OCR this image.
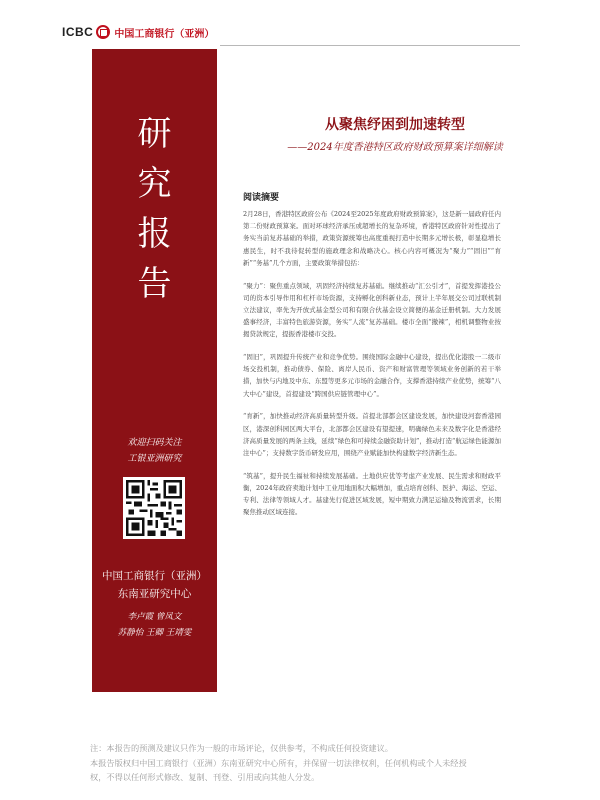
ICBC 中国工商银行（亚洲）
研
究
报
告
欢迎扫码关注
工银亚洲研究
中国工商银行（亚洲）
东南亚研究中心
李卢霞 曾凤文
苏静怡 王卿 王靖雯
从聚焦纾困到加速转型
——2024年度香港特区政府财政预算案详细解读
阅读摘要

2月28日，香港特区政府公布《2024至2025年度政府财政预算案》，这是新一届政府任内第二份财政预算案。面对环球经济承压或超增长的复杂环境，香港特区政府针对性提出了务实当前复苏基础的举措，政策资源统筹也高度重视打造中长期多元增长极，彰显稳增长惠民生，时不我待促转型的施政理念和战略决心。核心内容可概况为“聚力”“固旧”“育新”“务基”几个方面，主要政策举措包括：

“聚力”：聚焦重点领域，巩固经济持续复苏基础。继续推动“汇公引才”，首提发挥港投公司的资本引导作用和杠杆市场资源，支持孵化创科新业态，预计上半年展交公司过联机制立法建议，率先为开放式基金型公司和有限合伙基金设立简便的基金迁册机制。大力发展盛事经济，丰富特色旅游资源，务实“人流”复苏基础。楼市全面“撤辣”，相机调整物业按揭贷款规定，提振香港楼市交投。

“固旧”，巩固提升传统产业和竞争优势。围绕国际金融中心建设，提出优化港股一二级市场交投机制，推动债券、保险、离岸人民币、资产和财富管理等领域业务创新的若干举措，加快与内地及中东、东盟等更多元市场的金融合作，支撑香港持续产业优势，统筹“八大中心”建设，首提建设“跨国供应链管理中心”。

“育新”，加快推动经济高质量转型升级。首提北部都会区建设发展，加快建设河套香港园区，港深创科园区两大平台，北部都会区建设有望提速，明确绿色未来及数字化是香港经济高质量发展的两条主线，延续“绿色和可持续金融资助计划”，推动打造“航运绿色能源加注中心”；支持数字货币研发应用，围绕产业赋能加快构建数字经济新生态。

“筑基”，提升民生福祉和持续发展基础。土地供应优等考虑产业发展、民生需求和财政平衡，2024年政府卖地计划中工业用地面积大幅增加，重点培育创科、医护、海运、空运、专利、法律等领域人才。基建先行促进区域发展，短中期致力满足运输及物流需求，长期聚焦推动区域连接。

注：本报告的预测及建议只作为一般的市场评论，仅供参考，不构成任何投资建议。
本报告版权归中国工商银行（亚洲）东南亚研究中心所有，并保留一切法律权利，任何机构或个人未经授
权，不得以任何形式修改、复制、刊登、引用或向其他人分发。
